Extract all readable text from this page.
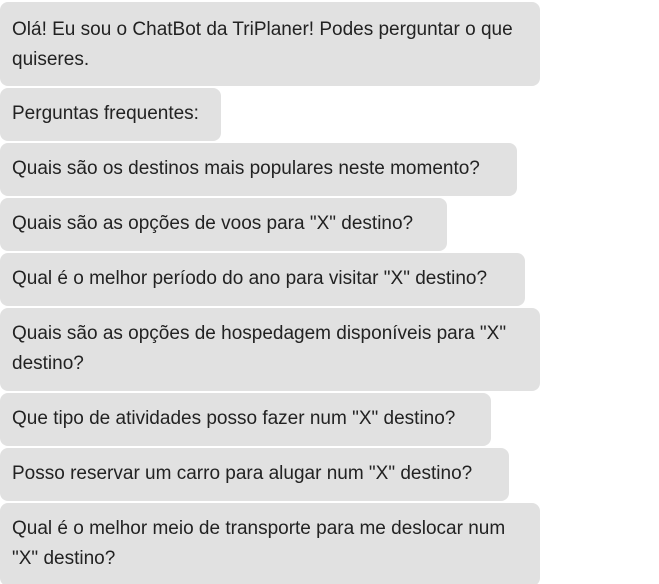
Olá! Eu sou o ChatBot da TriPlaner! Podes perguntar o que quiseres.
Perguntas frequentes:
Quais são os destinos mais populares neste momento?
Quais são as opções de voos para "X" destino?
Qual é o melhor período do ano para visitar "X" destino?
Quais são as opções de hospedagem disponíveis para "X" destino?
Que tipo de atividades posso fazer num "X" destino?
Posso reservar um carro para alugar num "X" destino?
Qual é o melhor meio de transporte para me deslocar num "X" destino?
